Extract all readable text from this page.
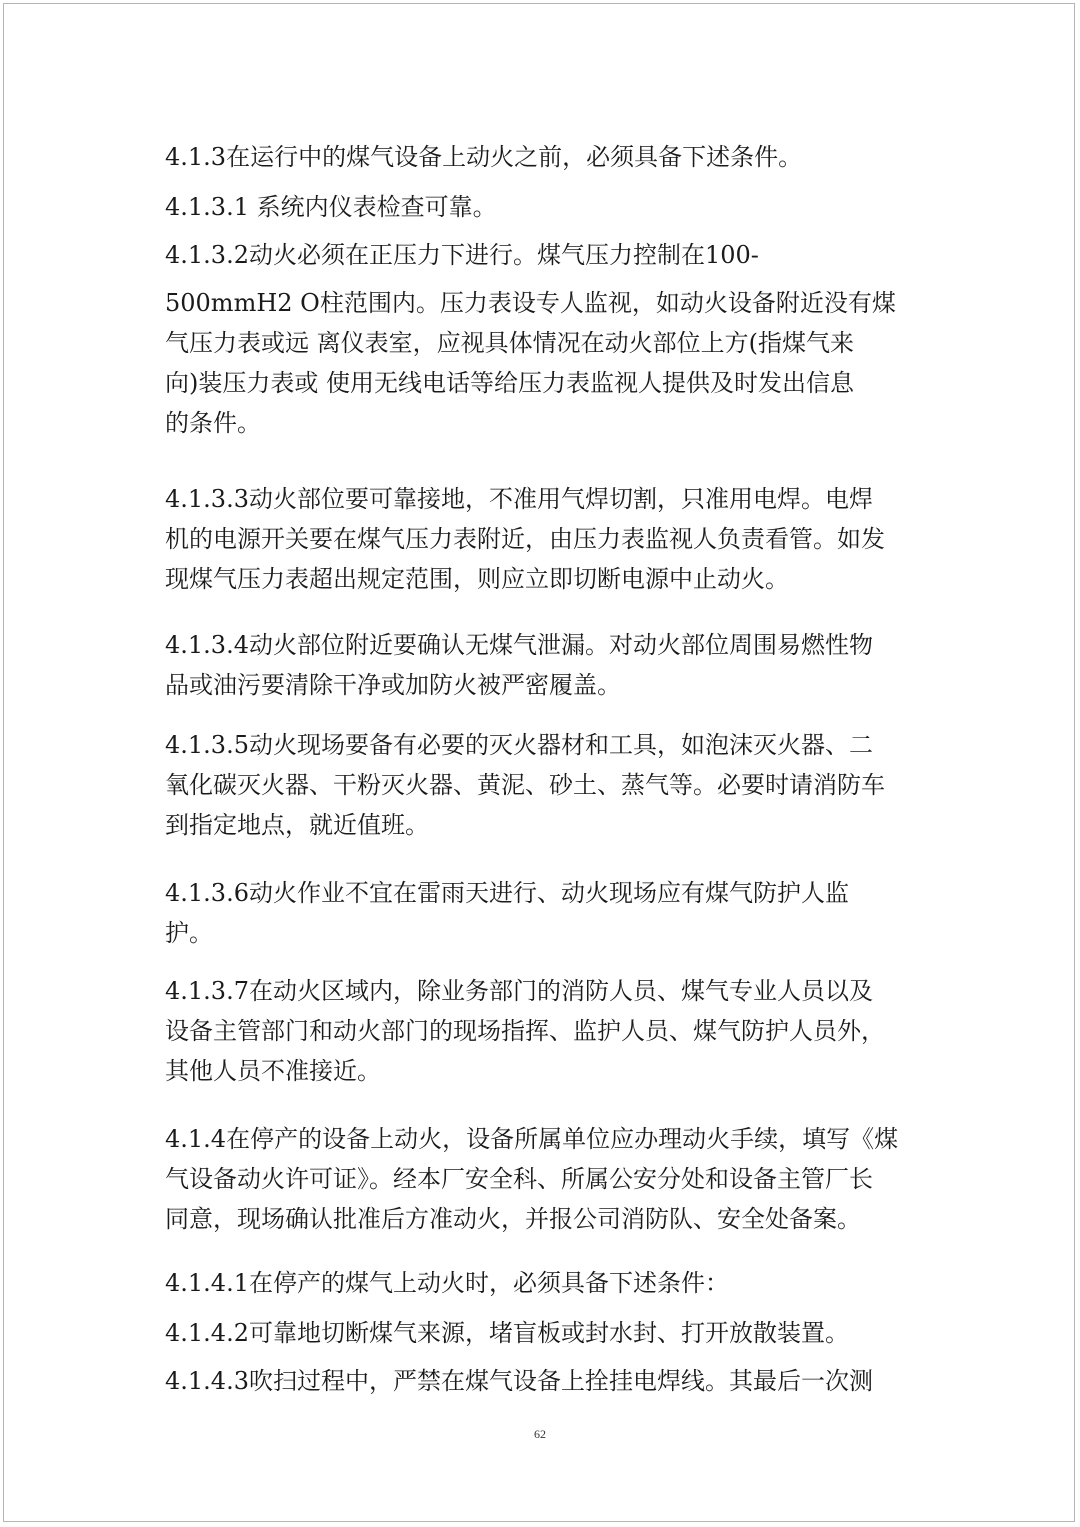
4.1.3在运行中的煤气设备上动火之前，必须具备下述条件。
4.1.3.1 系统内仪表检查可靠。
4.1.3.2动火必须在正压力下进行。煤气压力控制在100-
500mmH2 O柱范围内。压力表设专人监视，如动火设备附近没有煤
气压力表或远 离仪表室，应视具体情况在动火部位上方(指煤气来
向)装压力表或 使用无线电话等给压力表监视人提供及时发出信息
的条件。
4.1.3.3动火部位要可靠接地，不准用气焊切割，只准用电焊。电焊
机的电源开关要在煤气压力表附近，由压力表监视人负责看管。如发
现煤气压力表超出规定范围，则应立即切断电源中止动火。
4.1.3.4动火部位附近要确认无煤气泄漏。对动火部位周围易燃性物
品或油污要清除干净或加防火被严密履盖。
4.1.3.5动火现场要备有必要的灭火器材和工具，如泡沫灭火器、二
氧化碳灭火器、干粉灭火器、黄泥、砂土、蒸气等。必要时请消防车
到指定地点，就近值班。
4.1.3.6动火作业不宜在雷雨天进行、动火现场应有煤气防护人监
护。
4.1.3.7在动火区域内，除业务部门的消防人员、煤气专业人员以及
设备主管部门和动火部门的现场指挥、监护人员、煤气防护人员外，
其他人员不准接近。
4.1.4在停产的设备上动火，设备所属单位应办理动火手续，填写《煤
气设备动火许可证》。经本厂安全科、所属公安分处和设备主管厂长
同意，现场确认批准后方准动火，并报公司消防队、安全处备案。
4.1.4.1在停产的煤气上动火时，必须具备下述条件：
4.1.4.2可靠地切断煤气来源，堵盲板或封水封、打开放散装置。
4.1.4.3吹扫过程中，严禁在煤气设备上拴挂电焊线。其最后一次测
62
